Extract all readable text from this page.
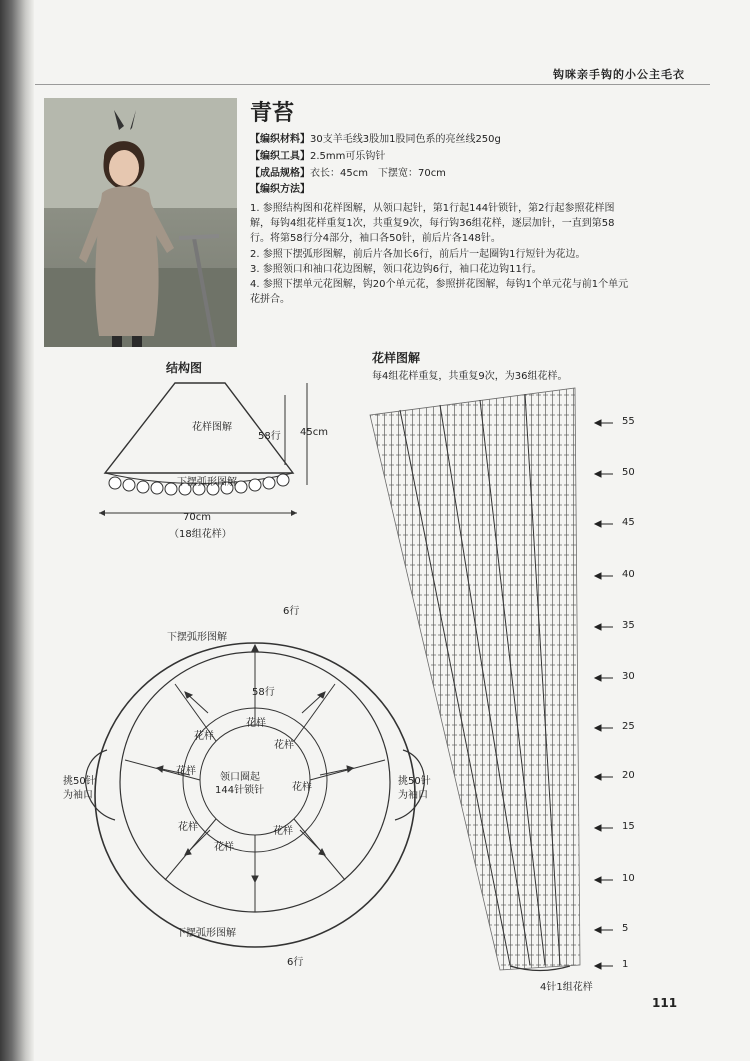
钩咪亲手钩的小公主毛衣
青苔
【编织材料】30支羊毛线3股加1股同色系的亮丝线250g
【编织工具】2.5mm可乐钩针
【成品规格】衣长：45cm　下摆宽：70cm
【编织方法】

1. 参照结构图和花样图解，从领口起针，第1行起144针锁针，第2行起参照花样图

解，每钩4组花样重复1次，共重复9次，每行钩36组花样，逐层加针，一直到第58

行。将第58行分4部分，袖口各50针，前后片各148针。

2. 参照下摆弧形图解，前后片各加长6行，前后片一起圈钩1行短针为花边。

3. 参照领口和袖口花边图解，领口花边钩6行，袖口花边钩11行。

4. 参照下摆单元花图解，钩20个单元花，参照拼花图解，每钩1个单元花与前1个单元

花拼合。

结构图
花样图解
下摆弧形图解
58行 45cm
70cm
（18组花样）
6行
下摆弧形图解
58行
领口圈起
144针锁针
挑50针
为袖口
挑50针
为袖口
下摆弧形图解
6行
花样
花样
花样
花样
花样
花样
花样
花样
花样图解
每4组花样重复，共重复9次，为36组花样。
4针1组花样
55
50
45
40
35
30
25
20
15
10
5
1
111
